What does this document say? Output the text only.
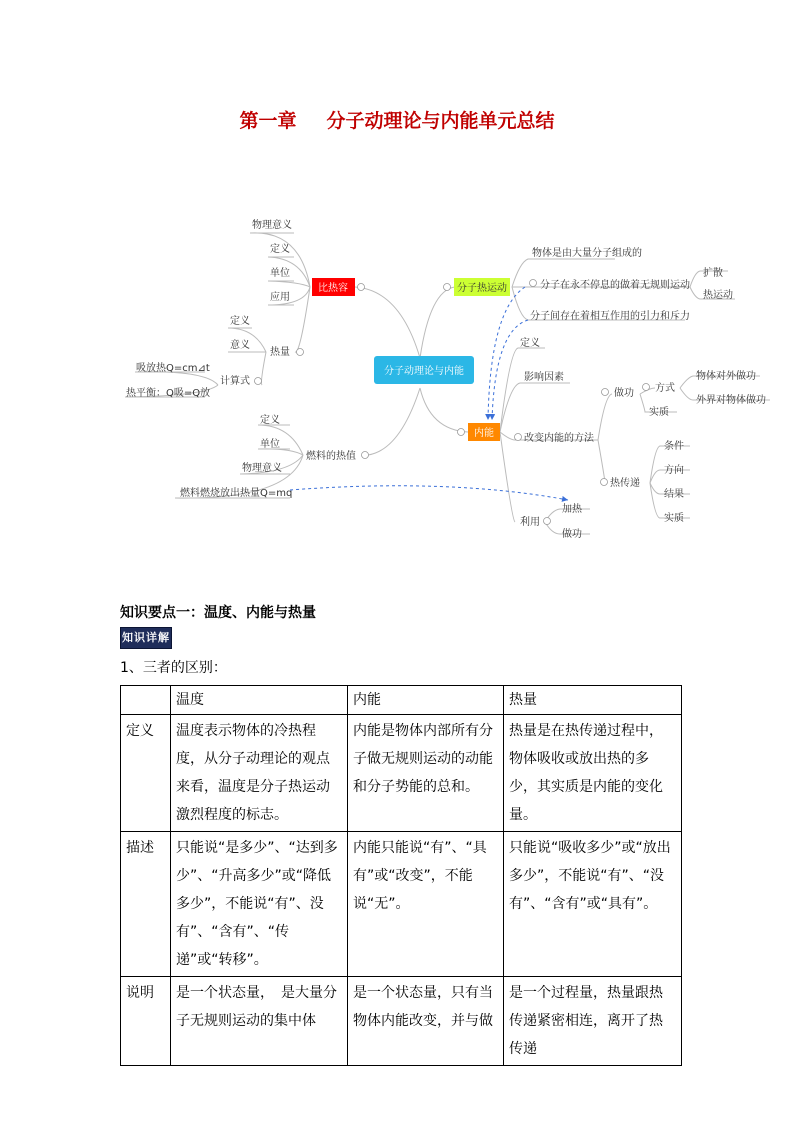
第一章 分子动理论与内能单元总结
分子动理论与内能
比热容	分子热运动
内能
物理意义
定义
单位
应用
热量
定义
意义
计算式
吸放热Q=cm⊿t
热平衡：Q吸=Q放
燃料的热值
定义
单位
物理意义
燃料燃烧放出热量Q=mq
物体是由大量分子组成的
分子在永不停息的做着无规则运动
分子间存在着相互作用的引力和斥力
扩散
热运动
定义
影响因素
改变内能的方法
利用
做功 方式
物体对外做功
外界对物体做功
实质
热传递
条件
方向
结果
实质
加热
做功
知识要点一：温度、内能与热量
知识详解
1、三者的区别：
	温度	内能	热量
定义	温度表示物体的冷热程度，从分子动理论的观点来看，温度是分子热运动激烈程度的标志。	内能是物体内部所有分子做无规则运动的动能和分子势能的总和。	热量是在热传递过程中，物体吸收或放出热的多少，其实质是内能的变化量。
描述	只能说“是多少”、“达到多少”、“升高多少”或“降低多少”，不能说“有”、没有”、“含有”、“传递”或“转移”。	内能只能说“有”、“具有”或“改变”，不能说“无”。	只能说“吸收多少”或“放出多少”，不能说“有”、“没有”、“含有”或“具有”。
说明	是一个状态量，　是大量分子无规则运动的集中体	是一个状态量，只有当物体内能改变，并与做	是一个过程量，热量跟热传递紧密相连，离开了热传递
